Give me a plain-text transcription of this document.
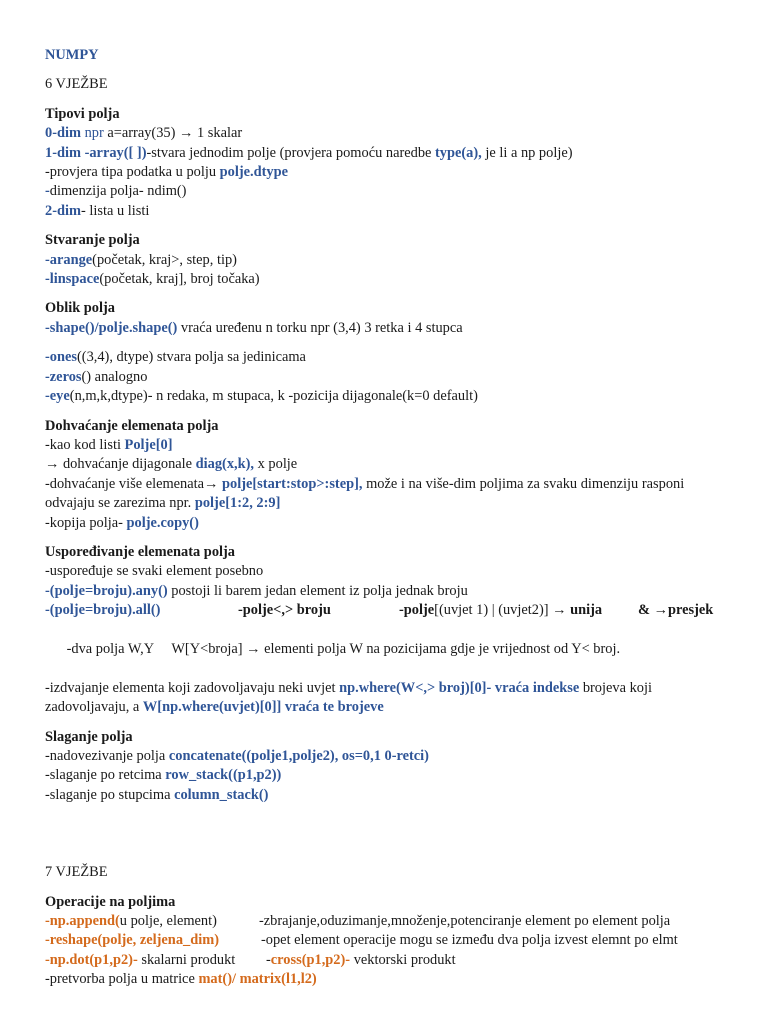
NUMPY
6 VJEŽBE
Tipovi polja
0-dim npr a=array(35) → 1 skalar
1-dim -array([ ])-stvara jednodim polje (provjera pomoću naredbe type(a), je li a np polje)
-provjera tipa podatka u polju polje.dtype
-dimenzija polja- ndim()
2-dim- lista u listi
Stvaranje polja
-arange(početak, kraj>, step, tip)
-linspace(početak, kraj], broj točaka)
Oblik polja
-shape()/polje.shape() vraća uređenu n torku npr (3,4) 3 retka i 4 stupca
-ones((3,4), dtype) stvara polja sa jedinicama
-zeros() analogno
-eye(n,m,k,dtype)- n redaka, m stupaca, k -pozicija dijagonale(k=0 default)
Dohvaćanje elemenata polja
-kao kod listi Polje[0]
→ dohvaćanje dijagonale diag(x,k), x polje
-dohvaćanje više elemenata→ polje[start:stop>:step], može i na više-dim poljima za svaku dimenziju rasponi
odvajaju se zarezima npr. polje[1:2, 2:9]
-kopija polja- polje.copy()
Uspoređivanje elemenata polja
-uspoređuje se svaki element posebno
-(polje=broju).any() postoji li barem jedan element iz polja jednak broju
-(polje=broju).all()	-polje<,> broju	-polje[(uvjet 1) | (uvjet2)] → unija & →presjek

-dva polja W,Y     W[Y<broja] → elementi polja W na pozicijama gdje je vrijednost od Y< broj.

-izdvajanje elementa koji zadovoljavaju neki uvjet np.where(W<,> broj)[0]- vraća indekse brojeva koji
zadovoljavaju, a W[np.where(uvjet)[0]] vraća te brojeve
Slaganje polja
-nadovezivanje polja concatenate((polje1,polje2), os=0,1 0-retci)
-slaganje po retcima row_stack((p1,p2))
-slaganje po stupcima column_stack()
7 VJEŽBE
Operacije na poljima
-np.append(u polje, element)	-zbrajanje,oduzimanje,množenje,potenciranje element po element polja
-reshape(polje, zeljena_dim)	-opet element operacije mogu se između dva polja izvest elemnt po elmt
-np.dot(p1,p2)- skalarni produkt -cross(p1,p2)- vektorski produkt
-pretvorba polja u matrice mat()/ matrix(l1,l2)
